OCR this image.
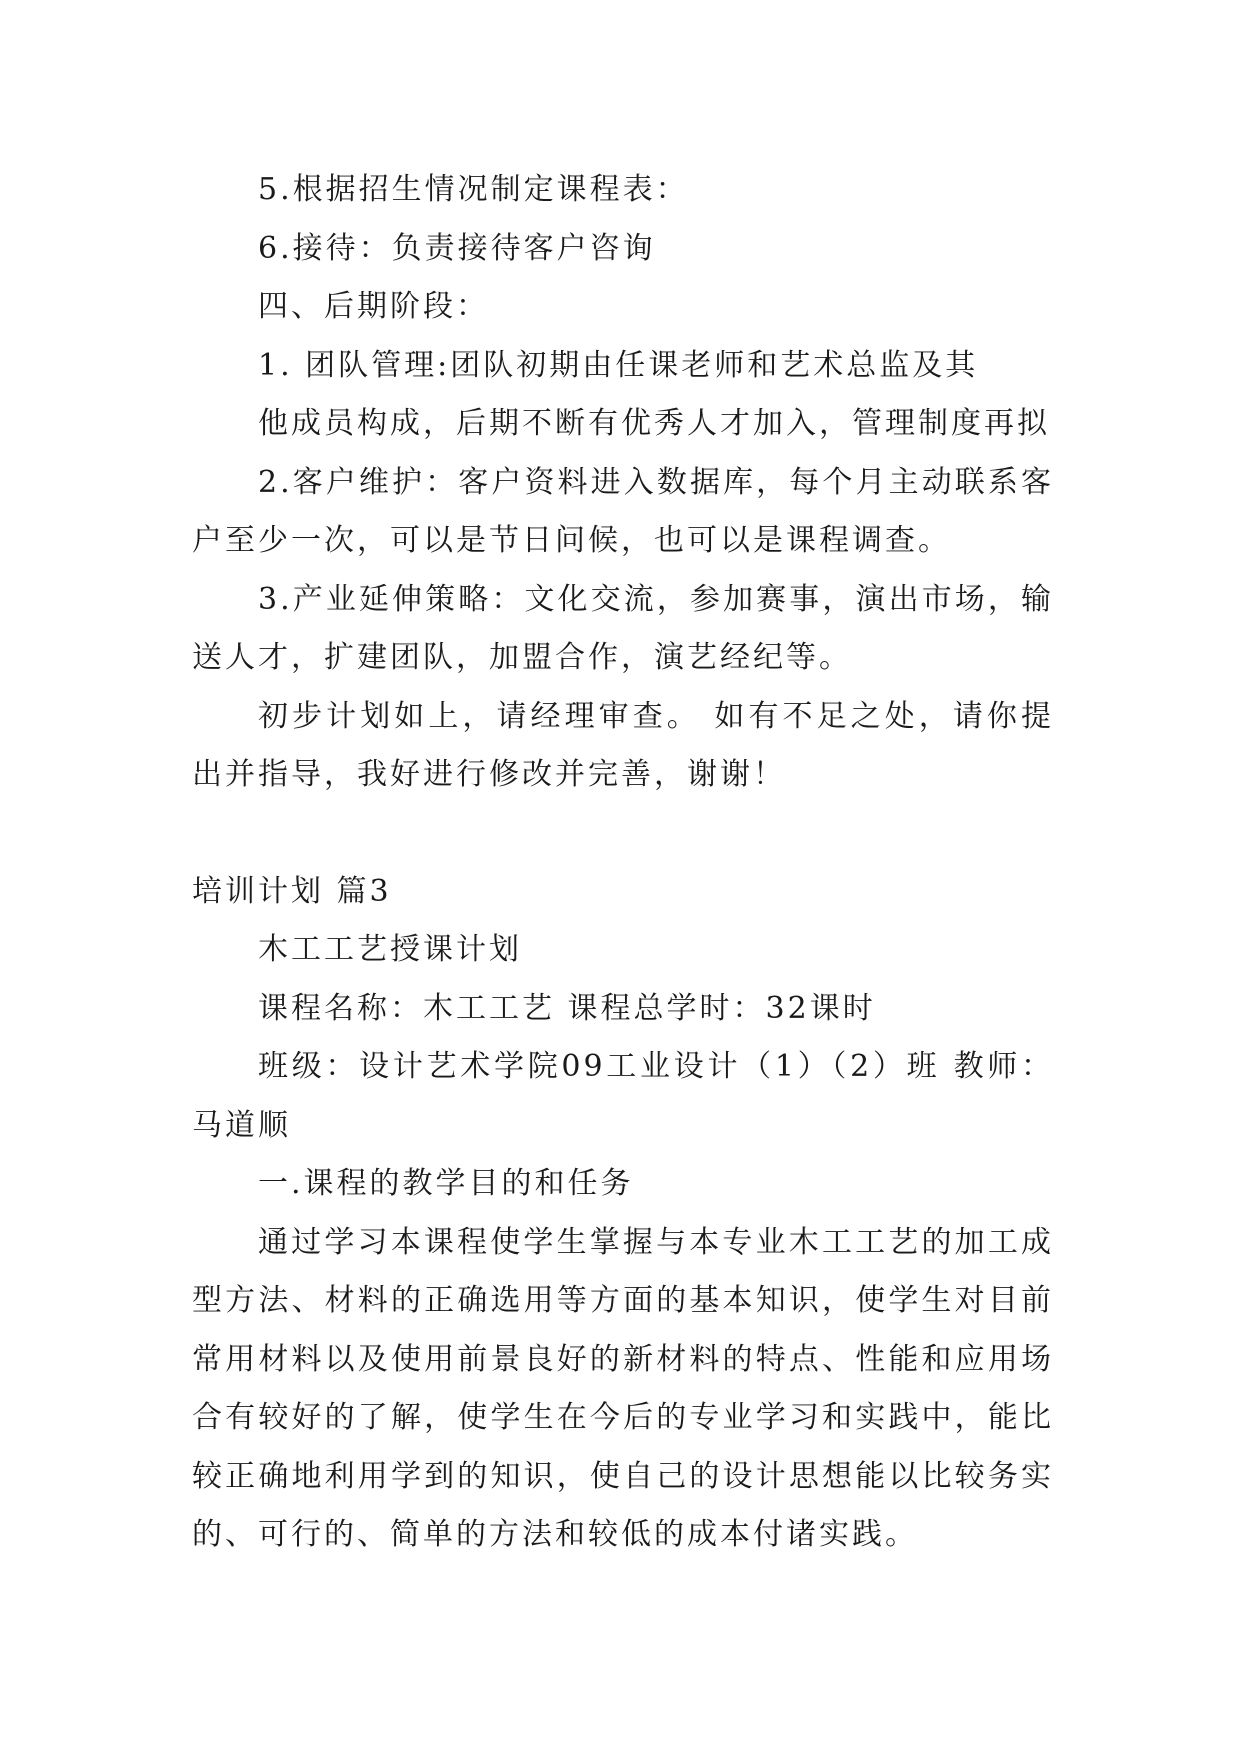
5.根据招生情况制定课程表：

6.接待：负责接待客户咨询

四、后期阶段：

1. 团队管理:团队初期由任课老师和艺术总监及其

他成员构成，后期不断有优秀人才加入，管理制度再拟

2.客户维护：客户资料进入数据库，每个月主动联系客户至少一次，可以是节日问候，也可以是课程调查。

3.产业延伸策略：文化交流，参加赛事，演出市场，输送人才，扩建团队，加盟合作，演艺经纪等。

初步计划如上，请经理审查。 如有不足之处，请你提出并指导，我好进行修改并完善，谢谢！

培训计划 篇3

木工工艺授课计划

课程名称：木工工艺 课程总学时：32课时

班级：设计艺术学院09工业设计（1）（2）班 教师：马道顺

一.课程的教学目的和任务

通过学习本课程使学生掌握与本专业木工工艺的加工成型方法、材料的正确选用等方面的基本知识，使学生对目前常用材料以及使用前景良好的新材料的特点、性能和应用场合有较好的了解，使学生在今后的专业学习和实践中，能比较正确地利用学到的知识，使自己的设计思想能以比较务实的、可行的、简单的方法和较低的成本付诸实践。
